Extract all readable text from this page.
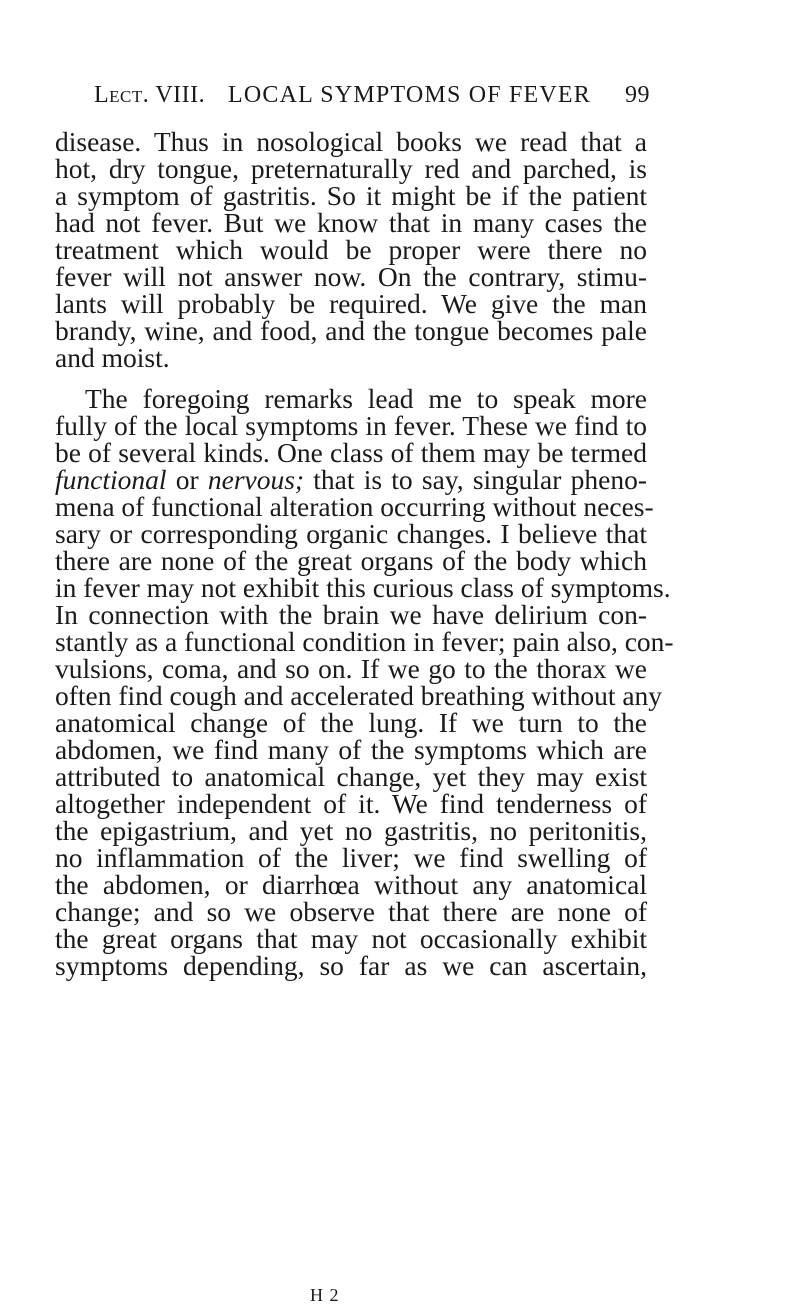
Lect. VIII. LOCAL SYMPTOMS OF FEVER 99
disease. Thus in nosological books we read that a
hot, dry tongue, preternaturally red and parched, is
a symptom of gastritis. So it might be if the patient
had not fever. But we know that in many cases the
treatment which would be proper were there no
fever will not answer now. On the contrary, stimu-
lants will probably be required. We give the man
brandy, wine, and food, and the tongue becomes pale
and moist.
The foregoing remarks lead me to speak more
fully of the local symptoms in fever. These we find to
be of several kinds. One class of them may be termed
functional or nervous; that is to say, singular pheno-
mena of functional alteration occurring without neces-
sary or corresponding organic changes. I believe that
there are none of the great organs of the body which
in fever may not exhibit this curious class of symptoms.
In connection with the brain we have delirium con-
stantly as a functional condition in fever; pain also, con-
vulsions, coma, and so on. If we go to the thorax we
often find cough and accelerated breathing without any
anatomical change of the lung. If we turn to the
abdomen, we find many of the symptoms which are
attributed to anatomical change, yet they may exist
altogether independent of it. We find tenderness of
the epigastrium, and yet no gastritis, no peritonitis,
no inflammation of the liver; we find swelling of
the abdomen, or diarrhœa without any anatomical
change; and so we observe that there are none of
the great organs that may not occasionally exhibit
symptoms depending, so far as we can ascertain,
H 2
